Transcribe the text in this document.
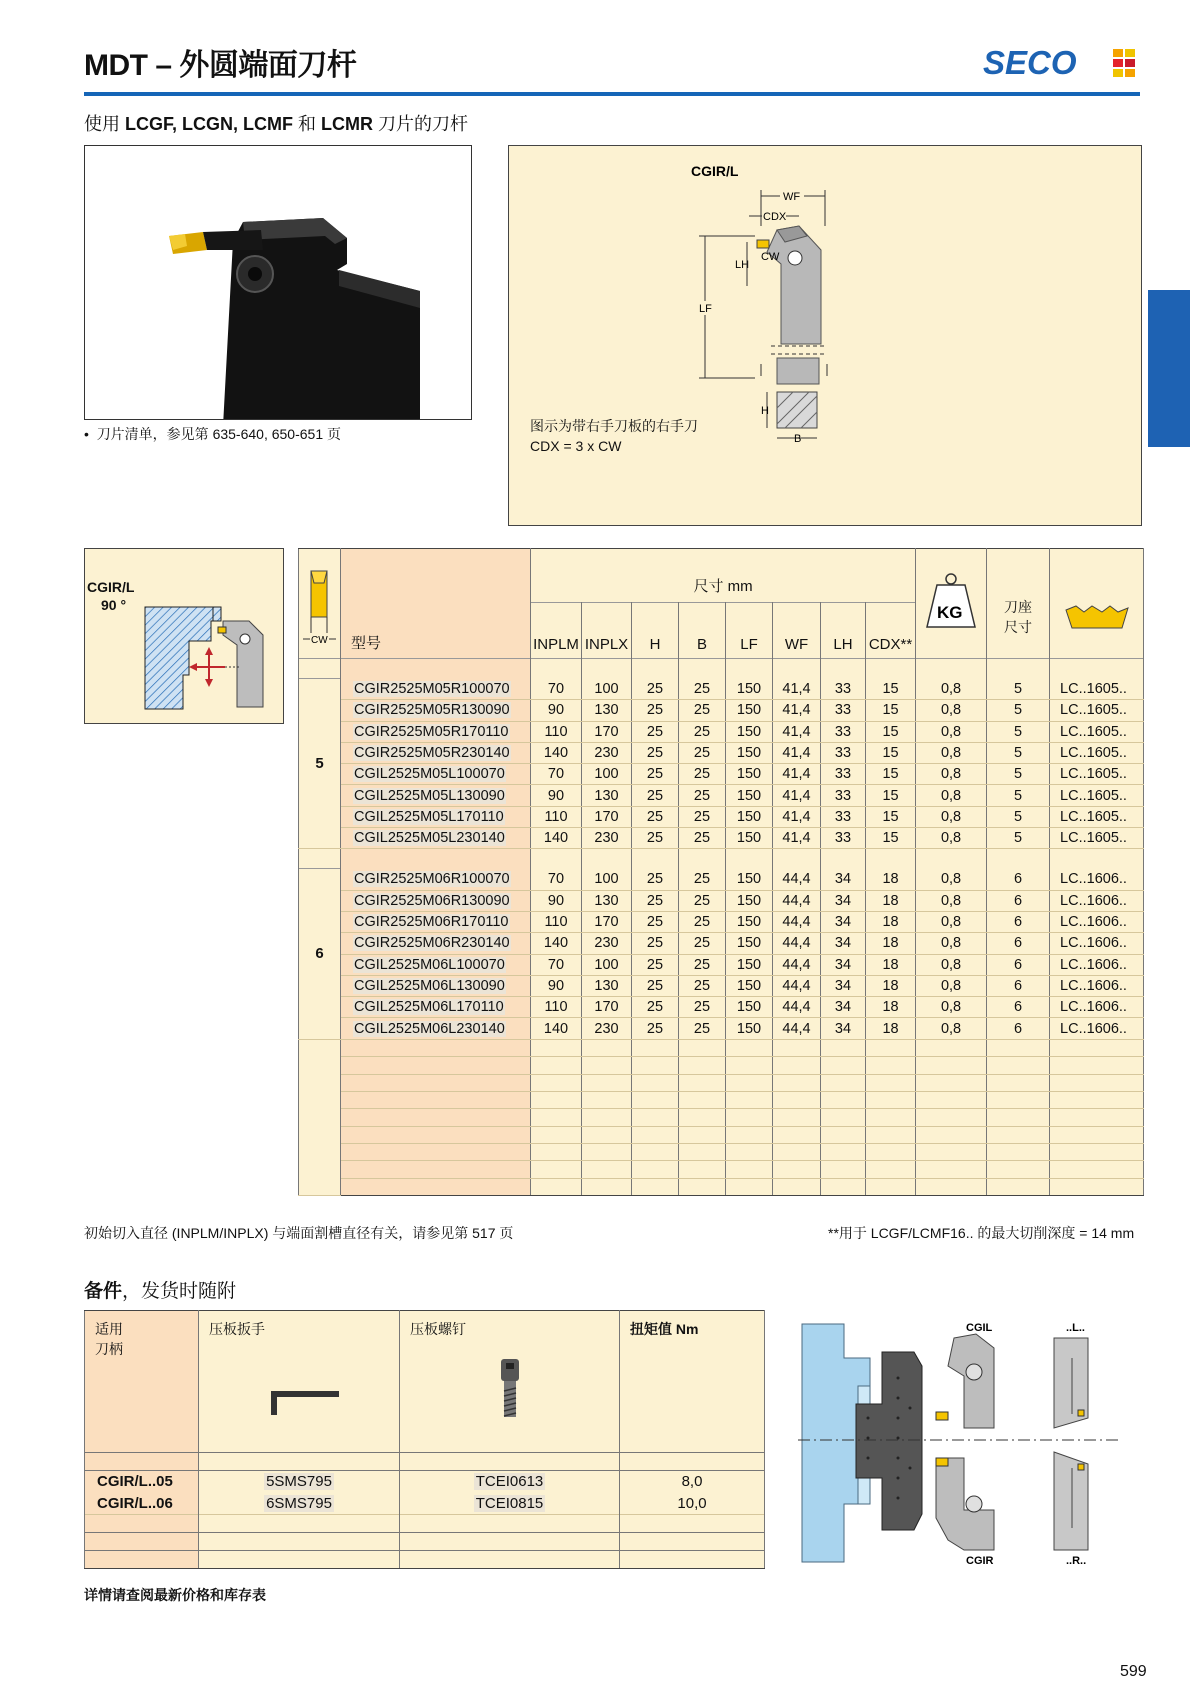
MDT – 外圆端面刀杆	SECO
使用 LCGF, LCGN, LCMF 和 LCMR 刀片的刀杆
•  刀片清单，参见第 635-640, 650-651 页
CGIR/L
WF
CDX
CW
LH
LF
H
B
图示为带右手刀板的右手刀
CDX = 3 x CW
CGIR/L
90 °
CW	型号	尺寸 mm								KG	刀座
尺寸

		INPLM	INPLX	H	B	LF	WF	LH	CDX**			

5	CGIR2525M05R100070	70	100	25	25	150	41,4	33	15	0,8	5	LC..1605..
	CGIR2525M05R130090	90	130	25	25	150	41,4	33	15	0,8	5	LC..1605..
	CGIR2525M05R170110	110	170	25	25	150	41,4	33	15	0,8	5	LC..1605..
	CGIR2525M05R230140	140	230	25	25	150	41,4	33	15	0,8	5	LC..1605..
	CGIL2525M05L100070	70	100	25	25	150	41,4	33	15	0,8	5	LC..1605..
	CGIL2525M05L130090	90	130	25	25	150	41,4	33	15	0,8	5	LC..1605..
	CGIL2525M05L170110	110	170	25	25	150	41,4	33	15	0,8	5	LC..1605..
	CGIL2525M05L230140	140	230	25	25	150	41,4	33	15	0,8	5	LC..1605..

6	CGIR2525M06R100070	70	100	25	25	150	44,4	34	18	0,8	6	LC..1606..
	CGIR2525M06R130090	90	130	25	25	150	44,4	34	18	0,8	6	LC..1606..
	CGIR2525M06R170110	110	170	25	25	150	44,4	34	18	0,8	6	LC..1606..
	CGIR2525M06R230140	140	230	25	25	150	44,4	34	18	0,8	6	LC..1606..
	CGIL2525M06L100070	70	100	25	25	150	44,4	34	18	0,8	6	LC..1606..
	CGIL2525M06L130090	90	130	25	25	150	44,4	34	18	0,8	6	LC..1606..
	CGIL2525M06L170110	110	170	25	25	150	44,4	34	18	0,8	6	LC..1606..
	CGIL2525M06L230140	140	230	25	25	150	44,4	34	18	0,8	6	LC..1606..

初始切入直径 (INPLM/INPLX) 与端面割槽直径有关，请参见第 517 页	**用于 LCGF/LCMF16.. 的最大切削深度 = 14 mm
备件，发货时随附
适用
刀柄	压板扳手	压板螺钉	扭矩值 Nm

CGIR/L..05	5SMS795	TCEI0613	8,0
CGIR/L..06	6SMS795	TCEI0815	10,0

CGIL
CGIR
..L..
..R..
详情请查阅最新价格和库存表
599
